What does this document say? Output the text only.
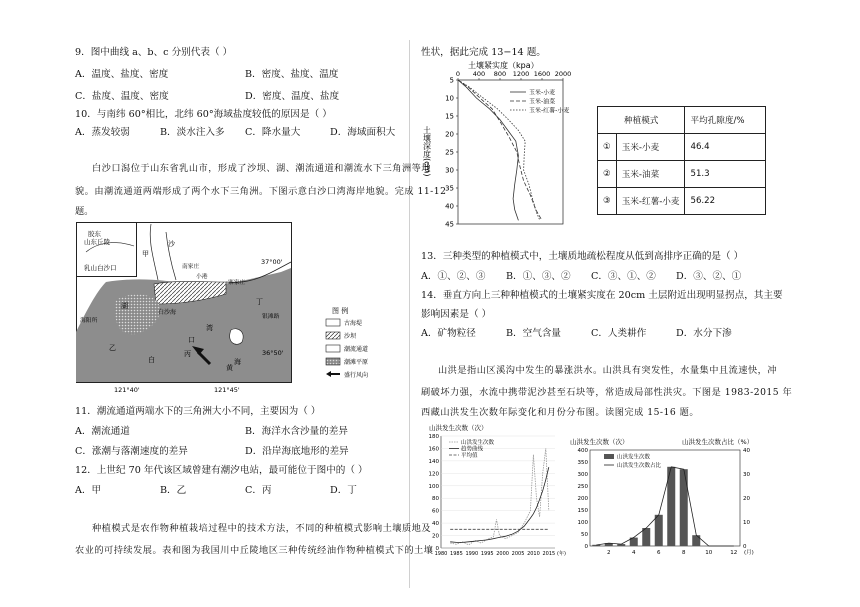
9．图中曲线 a、b、c 分别代表（ ）
A．温度、盐度、密度	B．密度、盐度、温度
C．盐度、温度、密度	D．密度、温度、盐度
10．与南纬 60°相比，北纬 60°海域盐度较低的原因是（ ）
A．蒸发较弱	B．淡水注入多 C．降水量大	D．海域面积大
白沙口潟位于山东省乳山市，形成了沙坝、湖、潮流通道和潮流水下三角洲等地
貌。由潮流通道两端形成了两个水下三角洲。下图示意白沙口湾海岸地貌。完成 11-12
题。
胶东
山东丘陵
乳山白沙口
甲
乙
丙
丁
湖
口
沙
白
湾
海
黄
南家庄
小港
寨家庄
银滩路
海阳所
白沙海
37°00'
36°50'
121°40'	121°45'
图 例
古海堤
沙坝
潮流通道
潮滩平原
盛行风向
11．潮流通道两端水下的三角洲大小不同，主要因为（ ）
A．潮流通道	B．海洋水含沙量的差异
C．涨潮与落潮速度的差异	D．沿岸海底地形的差异
12．上世纪 70 年代该区域曾建有潮汐电站，最可能位于图中的（ ）
A．甲	B．乙	C．丙	D．丁
种植模式是农作物种植栽培过程中的技术方法，不同的种植模式影响土壤质地及
农业的可持续发展。表和图为我国川中丘陵地区三种传统经油作物种植模式下的土壤
性状，据此完成 13−14 题。
土壤紧实度（kpa）
土壤深度(cm)
0 400 800 1200 1600 2000
5
10
15
20
25
30
35
40
45
玉米-小麦
玉米-油菜
玉米-红薯-小麦
种植模式		平均孔隙度/%
①	玉米-小麦	46.4
②	玉米-油菜	51.3
③	玉米-红薯-小麦	56.22
13．三种类型的种植模式中，土壤质地疏松程度从低到高排序正确的是（ ）
A．①、②、③ B．①、③、② C．③、①、② D．③、②、①
14．垂直方向上三种种植模式的土壤紧实度在 20cm 土层附近出现明显拐点，其主要
影响因素是（ ）
A．矿物粒径	B．空气含量	C．人类耕作	D．水分下渗
山洪是指山区溪沟中发生的暴涨洪水。山洪具有突发性，水量集中且流速快，冲
刷破坏力强，水流中携带泥沙甚至石块等，常造成局部性洪灾。下图是 1983-2015 年
西藏山洪发生次数年际变化和月份分布图。读图完成 15-16 题。
山洪发生次数（次）
0
20
40
60
80
100
120
140
160
180
1980 1985 1990 1995 2000 2005 2010 2015 (年)
山洪发生次数
趋势曲线
平均值
山洪发生次数（次）	山洪发生次数占比（%）
0
50
100
150
200
250
300
350
400
0
10
20
30
40
2	4	6	8	10	12 (月)
山洪发生次数
山洪发生次数占比
